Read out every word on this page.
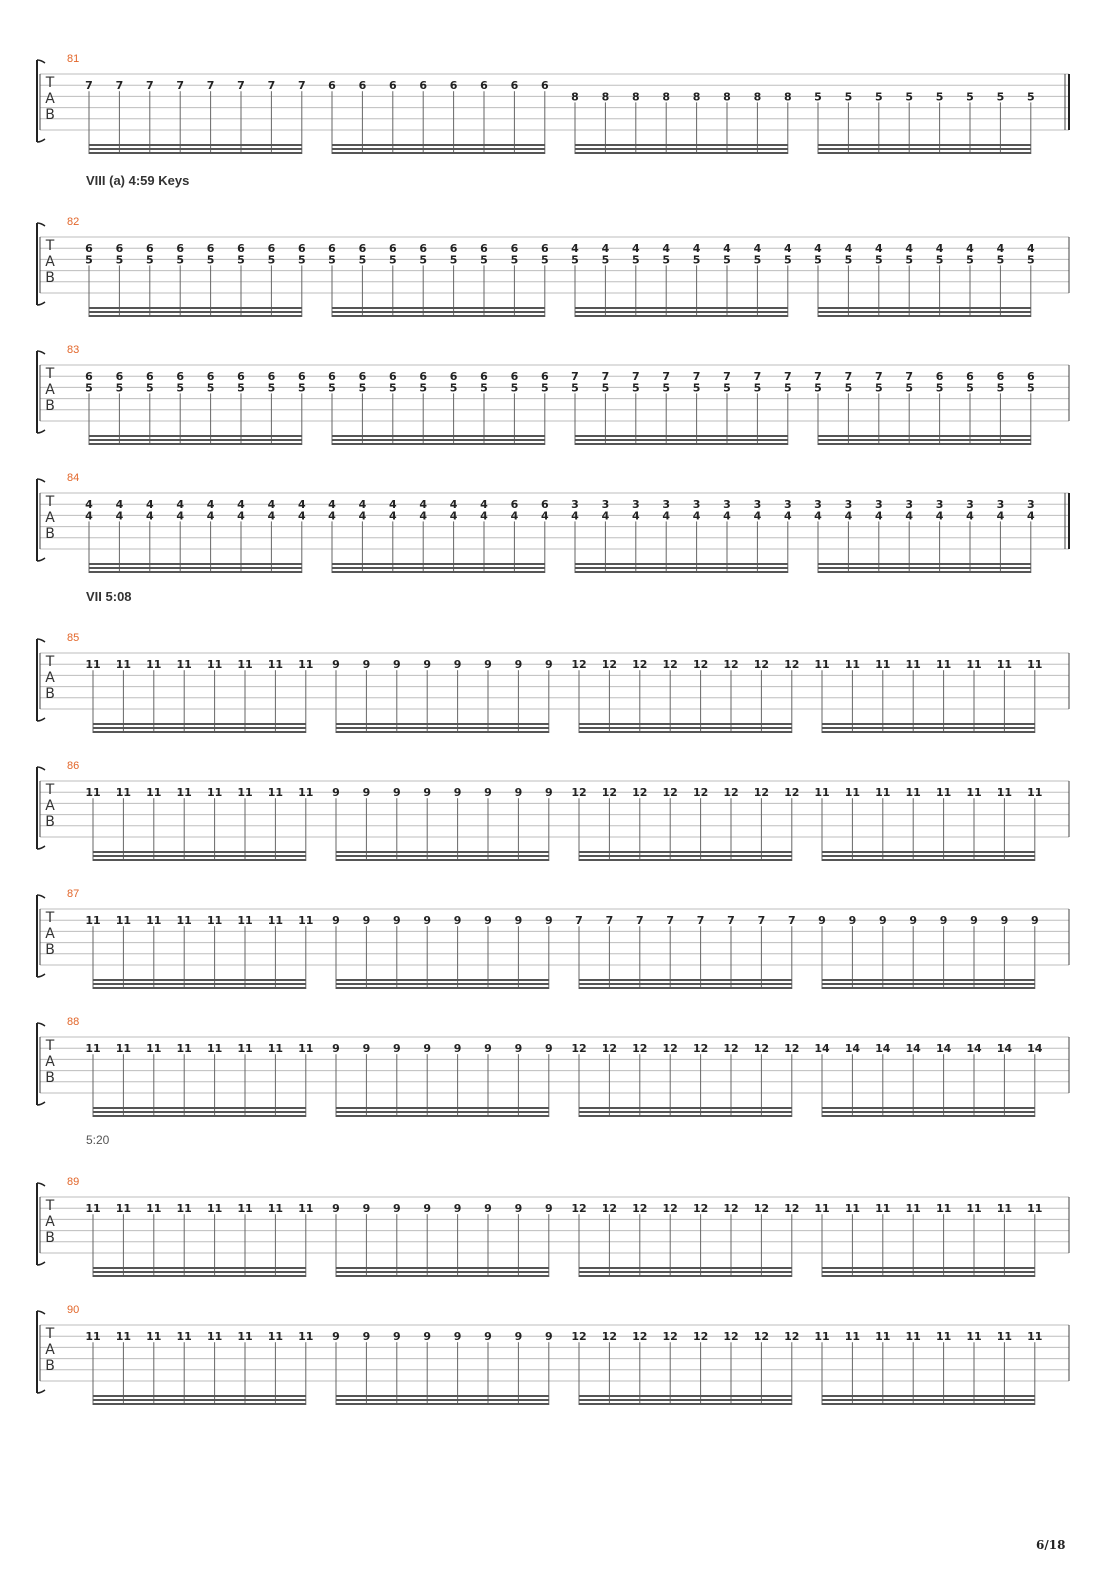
T
A
B
7 7 7 7 7 7 7 7 6 6 6 6 6 6 6 6
8 8 8 8 8 8 8 8 5 5 5 5 5 5 5 5
T
A
B
6
5
6
5
6
5
6
5
6
5
6
5
6
5
6
5
6
5
6
5
6
5
6
5
6
5
6
5
6
5
6
5
4
5
4
5
4
5
4
5
4
5
4
5
4
5
4
5
4
5
4
5
4
5
4
5
4
5
4
5
4
5
4
5
T
A
B
6
5
6
5
6
5
6
5
6
5
6
5
6
5
6
5
6
5
6
5
6
5
6
5
6
5
6
5
6
5
6
5
7
5
7
5
7
5
7
5
7
5
7
5
7
5
7
5
7
5
7
5
7
5
7
5
6
5
6
5
6
5
6
5
T
A
B
4
4
4
4
4
4
4
4
4
4
4
4
4
4
4
4
4
4
4
4
4
4
4
4
4
4
4
4
6
4
6
4
3
4
3
4
3
4
3
4
3
4
3
4
3
4
3
4
3
4
3
4
3
4
3
4
3
4
3
4
3
4
3
4
T
A
B
11 11 11 11 11 11 11 11 9 9 9 9 9 9 9 9 12 12 12 12 12 12 12 12 11 11 11 11 11 11 11 11
T
A
B
11 11 11 11 11 11 11 11 9 9 9 9 9 9 9 9 12 12 12 12 12 12 12 12 11 11 11 11 11 11 11 11
T
A
B
11 11 11 11 11 11 11 11 9 9 9 9 9 9 9 9 7 7 7 7 7 7 7 7 9 9 9 9 9 9 9 9
T
A
B
11 11 11 11 11 11 11 11 9 9 9 9 9 9 9 9 12 12 12 12 12 12 12 12 14 14 14 14 14 14 14 14
T
A
B
11 11 11 11 11 11 11 11 9 9 9 9 9 9 9 9 12 12 12 12 12 12 12 12 11 11 11 11 11 11 11 11
T
A
B
11 11 11 11 11 11 11 11 9 9 9 9 9 9 9 9 12 12 12 12 12 12 12 12 11 11 11 11 11 11 11 11
6/18
81
82
VIII (a) 4:59 Keys
83
84
85
VII 5:08
86
87
88
89
5:20
90
